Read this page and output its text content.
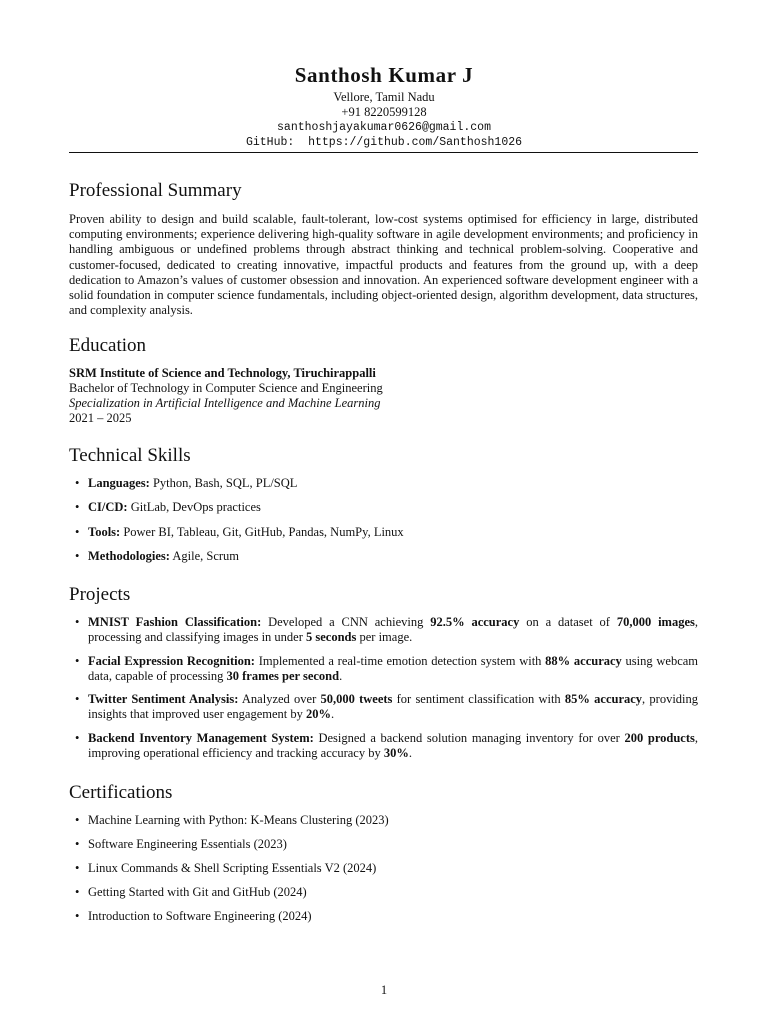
Santhosh Kumar J
Vellore, Tamil Nadu
+91 8220599128
santhoshjayakumar0626@gmail.com
GitHub: https://github.com/Santhosh1026
Professional Summary
Proven ability to design and build scalable, fault-tolerant, low-cost systems optimised for efficiency in large, distributed computing environments; experience delivering high-quality software in agile development environments; and proficiency in handling ambiguous or undefined problems through abstract thinking and technical problem-solving. Cooperative and customer-focused, dedicated to creating innovative, impactful products and features from the ground up, with a deep dedication to Amazon’s values of customer obsession and innovation. An experienced software development engineer with a solid foundation in computer science fundamentals, including object-oriented design, algorithm development, data structures, and complexity analysis.
Education
SRM Institute of Science and Technology, Tiruchirappalli
Bachelor of Technology in Computer Science and Engineering
Specialization in Artificial Intelligence and Machine Learning
2021 – 2025
Technical Skills
• Languages: Python, Bash, SQL, PL/SQL
• CI/CD: GitLab, DevOps practices
• Tools: Power BI, Tableau, Git, GitHub, Pandas, NumPy, Linux
• Methodologies: Agile, Scrum
Projects
• MNIST Fashion Classification: Developed a CNN achieving 92.5% accuracy on a dataset of 70,000 images, processing and classifying images in under 5 seconds per image.
• Facial Expression Recognition: Implemented a real-time emotion detection system with 88% accuracy using webcam data, capable of processing 30 frames per second.
• Twitter Sentiment Analysis: Analyzed over 50,000 tweets for sentiment classification with 85% accuracy, providing insights that improved user engagement by 20%.
• Backend Inventory Management System: Designed a backend solution managing inventory for over 200 products, improving operational efficiency and tracking accuracy by 30%.
Certifications
• Machine Learning with Python: K-Means Clustering (2023)
• Software Engineering Essentials (2023)
• Linux Commands & Shell Scripting Essentials V2 (2024)
• Getting Started with Git and GitHub (2024)
• Introduction to Software Engineering (2024)
1
